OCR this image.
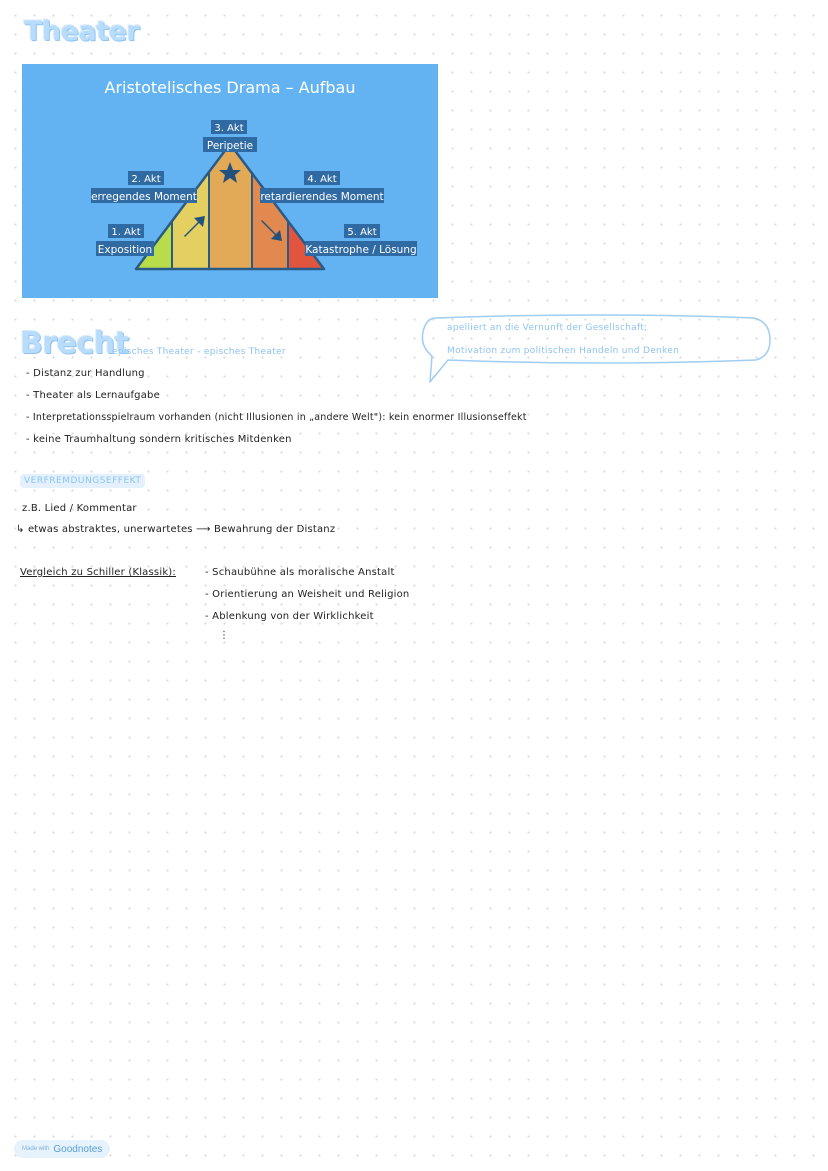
Theater
Aristotelisches Drama – Aufbau
3. Akt
Peripetie
2. Akt
erregendes Moment
4. Akt
retardierendes Moment
1. Akt
Exposition
5. Akt
Katastrophe / Lösung
Brecht
episches Theater - episches Theater
apelliert an die Vernunft der Gesellschaft;
Motivation zum politischen Handeln und Denken
- Distanz zur Handlung
- Theater als Lernaufgabe
- Interpretationsspielraum vorhanden (nicht Illusionen in „andere Welt"): kein enormer Illusionseffekt
- keine Traumhaltung sondern kritisches Mitdenken
VERFREMDUNGSEFFEKT
z.B. Lied / Kommentar
↳ etwas abstraktes, unerwartetes ⟶ Bewahrung der Distanz
Vergleich zu Schiller (Klassik):	- Schaubühne als moralische Anstalt
- Orientierung an Weisheit und Religion
- Ablenkung von der Wirklichkeit
⋮
Made with Goodnotes
